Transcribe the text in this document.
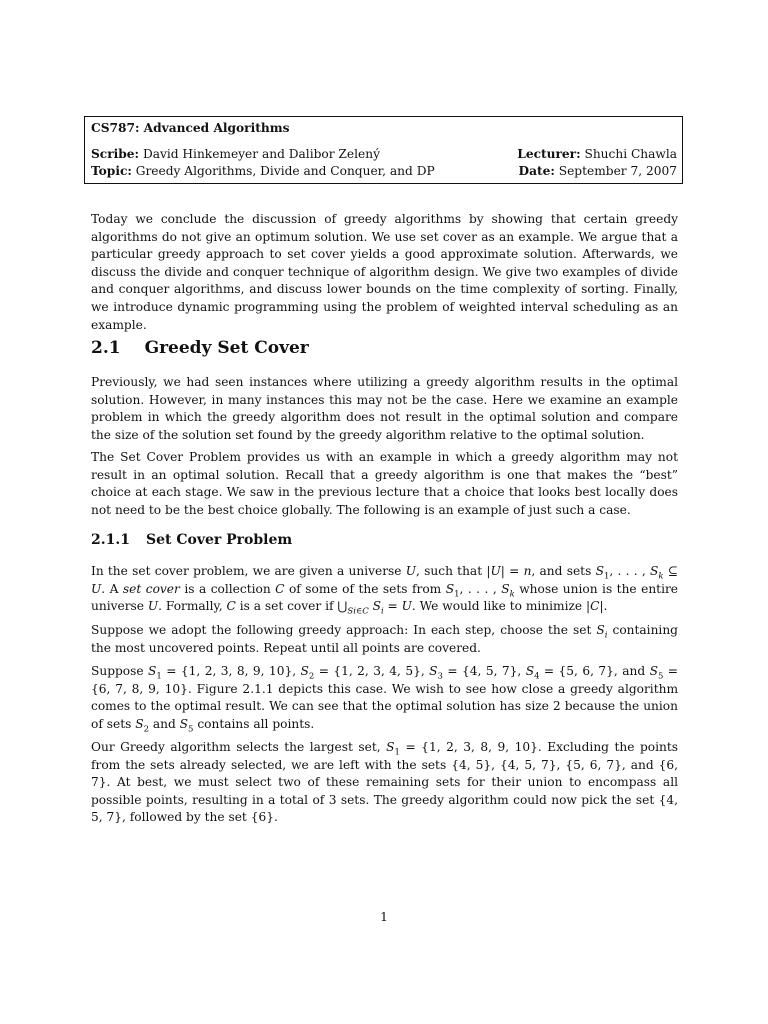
CS787: Advanced Algorithms
Scribe: David Hinkemeyer and Dalibor Zelený	Lecturer: Shuchi Chawla
Topic: Greedy Algorithms, Divide and Conquer, and DP	Date: September 7, 2007

Today we conclude the discussion of greedy algorithms by showing that certain greedy algorithms do not give an optimum solution. We use set cover as an example. We argue that a particular greedy approach to set cover yields a good approximate solution. Afterwards, we discuss the divide and conquer technique of algorithm design. We give two examples of divide and conquer algorithms, and discuss lower bounds on the time complexity of sorting. Finally, we introduce dynamic programming using the problem of weighted interval scheduling as an example.

2.1 Greedy Set Cover

Previously, we had seen instances where utilizing a greedy algorithm results in the optimal solution. However, in many instances this may not be the case. Here we examine an example problem in which the greedy algorithm does not result in the optimal solution and compare the size of the solution set found by the greedy algorithm relative to the optimal solution.

The Set Cover Problem provides us with an example in which a greedy algorithm may not result in an optimal solution. Recall that a greedy algorithm is one that makes the “best” choice at each stage. We saw in the previous lecture that a choice that looks best locally does not need to be the best choice globally. The following is an example of just such a case.

2.1.1 Set Cover Problem

In the set cover problem, we are given a universe U, such that |U| = n, and sets $S_1$, . . . , $S_k$ ⊆ U. A set cover is a collection C of some of the sets from $S_1$, . . . , $S_k$ whose union is the entire universe U. Formally, C is a set cover if $⋃_{Si\in C}$ $S_i = U$. We would like to minimize |C|.

Suppose we adopt the following greedy approach: In each step, choose the set $S_i$ containing the most uncovered points. Repeat until all points are covered.

Suppose $S_1 = \{1$, 2, 3, 8, 9, 10}, $S_2 = \{1$, 2, 3, 4, 5}, $S_3 = \{4$, 5, 7}, $S_4 = \{5$, 6, 7}, and $S_5 = \{6$, 7, 8, 9, 10}. Figure 2.1.1 depicts this case. We wish to see how close a greedy algorithm comes to the optimal result. We can see that the optimal solution has size 2 because the union of sets $S_2$ and $S_5$ contains all points.

Our Greedy algorithm selects the largest set, $S_1 = \{1$, 2, 3, 8, 9, 10}. Excluding the points from the sets already selected, we are left with the sets {4, 5}, {4, 5, 7}, {5, 6, 7}, and {6, 7}. At best, we must select two of these remaining sets for their union to encompass all possible points, resulting in a total of 3 sets. The greedy algorithm could now pick the set {4, 5, 7}, followed by the set {6}.

1
